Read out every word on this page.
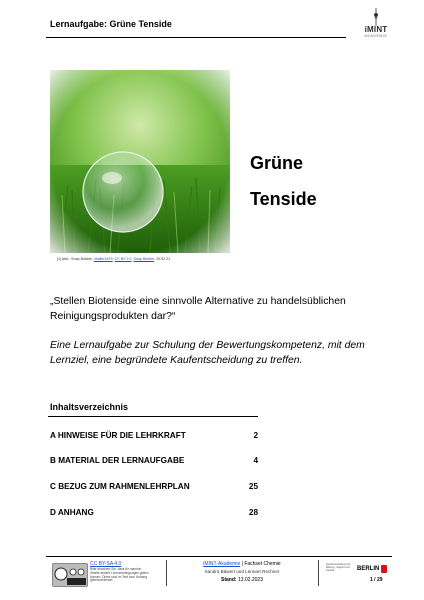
Lernaufgabe: Grüne Tenside
iMINT
AKADEMIE
[1] Abb.: Soap Bubble, nhaller1879, CC BY 2.0, Soap Bubble, 20.02.21
Grüne
Tenside
„Stellen Biotenside eine sinnvolle Alternative zu handelsüblichen Reinigungsprodukten dar?“
Eine Lernaufgabe zur Schulung der Bewertungskompetenz, mit dem Lernziel, eine begründete Kaufentscheidung zu treffen.
Inhaltsverzeichnis
A HINWEISE FÜR DIE LEHRKRAFT	2
B MATERIAL DER LERNAUFGABE	4
C BEZUG ZUM RAHMENLEHRPLAN	25
D ANHANG	28
CC BY-SA 4.0
Bitte beachten Sie, dass für manche Inhalte andere Lizenzbedingungen gelten können. Diese sind im Text bzw. Anhang gekennzeichnet.
iMINT-Akademie | Fachset Chemie
Sandra Bäwert und Lennart Rechner
Stand: 13.02.2023
Senatsverwaltung für Bildung, Jugend und Familie	BERLIN
1 / 29
